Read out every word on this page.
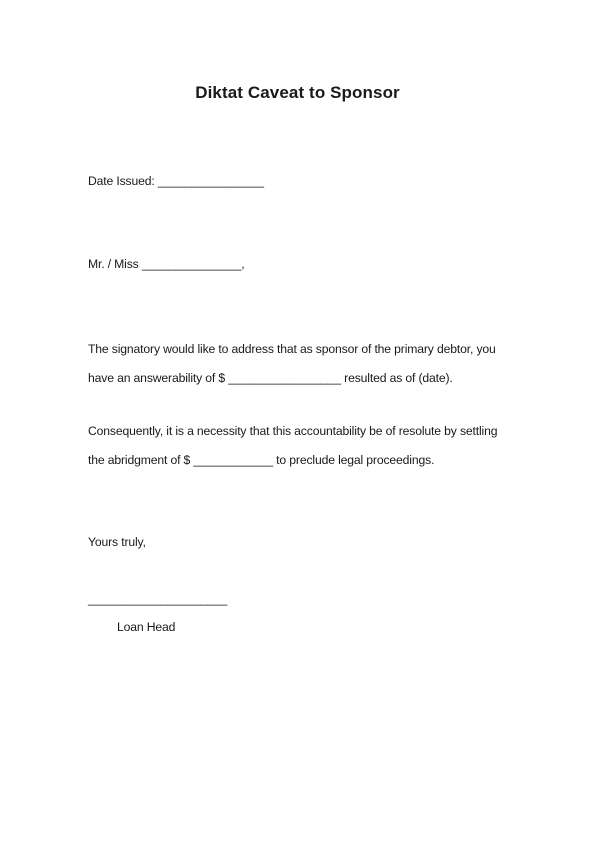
Diktat Caveat to Sponsor
Date Issued: ________________
Mr. / Miss _______________,
The signatory would like to address that as sponsor of the primary debtor, you
have an answerability of $ _________________ resulted as of (date).
Consequently, it is a necessity that this accountability be of resolute by settling
the abridgment of $ ____________ to preclude legal proceedings.
Yours truly,
_____________________
Loan Head
